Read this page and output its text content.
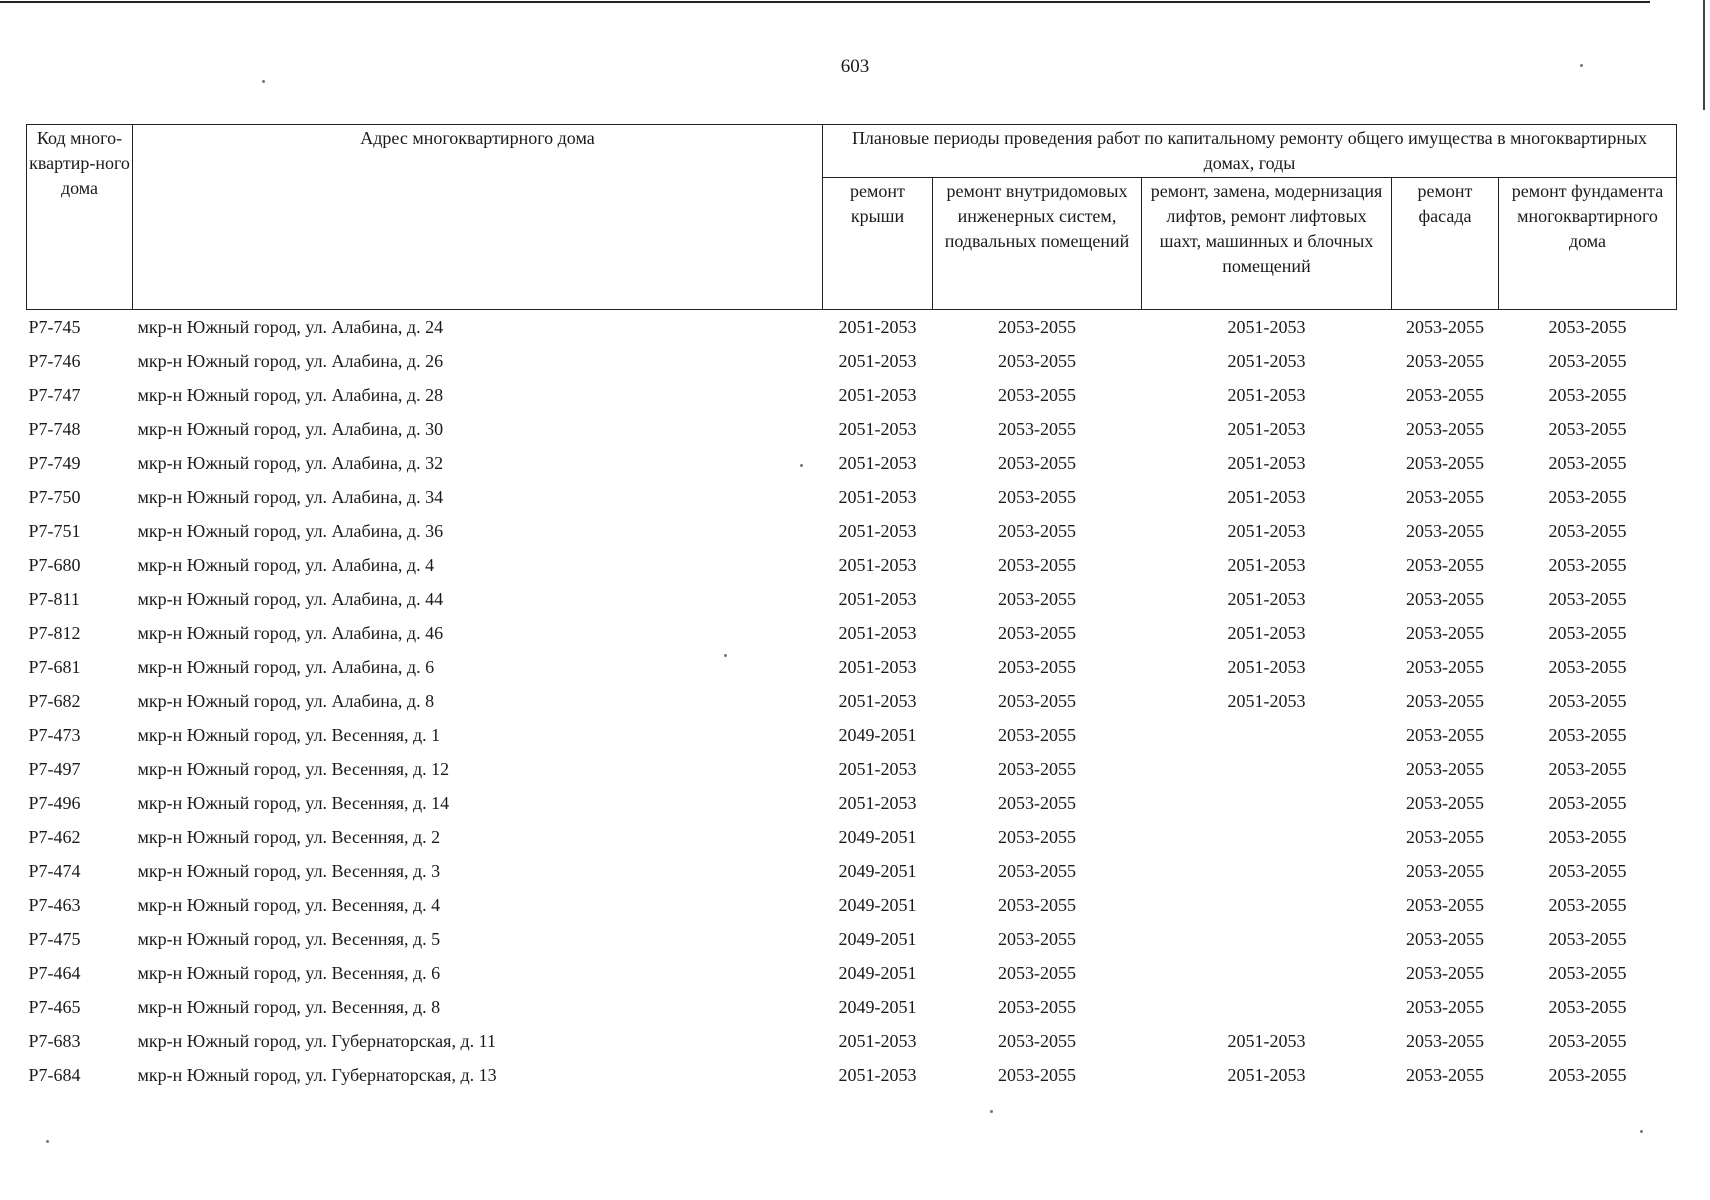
603
Код много-квартир-ного дома	Адрес многоквартирного дома	Плановые периоды проведения работ по капитальному ремонту общего имущества в многоквартирных домах, годы				
		ремонт крыши	ремонт внутридомовых инженерных систем, подвальных помещений	ремонт, замена, модернизация лифтов, ремонт лифтовых шахт, машинных и блочных помещений	ремонт фасада	ремонт фундамента многоквартирного дома
Р7-745	мкр-н Южный город, ул. Алабина, д. 24	2051-2053	2053-2055	2051-2053	2053-2055	2053-2055
Р7-746	мкр-н Южный город, ул. Алабина, д. 26	2051-2053	2053-2055	2051-2053	2053-2055	2053-2055
Р7-747	мкр-н Южный город, ул. Алабина, д. 28	2051-2053	2053-2055	2051-2053	2053-2055	2053-2055
Р7-748	мкр-н Южный город, ул. Алабина, д. 30	2051-2053	2053-2055	2051-2053	2053-2055	2053-2055
Р7-749	мкр-н Южный город, ул. Алабина, д. 32	2051-2053	2053-2055	2051-2053	2053-2055	2053-2055
Р7-750	мкр-н Южный город, ул. Алабина, д. 34	2051-2053	2053-2055	2051-2053	2053-2055	2053-2055
Р7-751	мкр-н Южный город, ул. Алабина, д. 36	2051-2053	2053-2055	2051-2053	2053-2055	2053-2055
Р7-680	мкр-н Южный город, ул. Алабина, д. 4	2051-2053	2053-2055	2051-2053	2053-2055	2053-2055
Р7-811	мкр-н Южный город, ул. Алабина, д. 44	2051-2053	2053-2055	2051-2053	2053-2055	2053-2055
Р7-812	мкр-н Южный город, ул. Алабина, д. 46	2051-2053	2053-2055	2051-2053	2053-2055	2053-2055
Р7-681	мкр-н Южный город, ул. Алабина, д. 6	2051-2053	2053-2055	2051-2053	2053-2055	2053-2055
Р7-682	мкр-н Южный город, ул. Алабина, д. 8	2051-2053	2053-2055	2051-2053	2053-2055	2053-2055
Р7-473	мкр-н Южный город, ул. Весенняя, д. 1	2049-2051	2053-2055		2053-2055	2053-2055
Р7-497	мкр-н Южный город, ул. Весенняя, д. 12	2051-2053	2053-2055		2053-2055	2053-2055
Р7-496	мкр-н Южный город, ул. Весенняя, д. 14	2051-2053	2053-2055		2053-2055	2053-2055
Р7-462	мкр-н Южный город, ул. Весенняя, д. 2	2049-2051	2053-2055		2053-2055	2053-2055
Р7-474	мкр-н Южный город, ул. Весенняя, д. 3	2049-2051	2053-2055		2053-2055	2053-2055
Р7-463	мкр-н Южный город, ул. Весенняя, д. 4	2049-2051	2053-2055		2053-2055	2053-2055
Р7-475	мкр-н Южный город, ул. Весенняя, д. 5	2049-2051	2053-2055		2053-2055	2053-2055
Р7-464	мкр-н Южный город, ул. Весенняя, д. 6	2049-2051	2053-2055		2053-2055	2053-2055
Р7-465	мкр-н Южный город, ул. Весенняя, д. 8	2049-2051	2053-2055		2053-2055	2053-2055
Р7-683	мкр-н Южный город, ул. Губернаторская, д. 11	2051-2053	2053-2055	2051-2053	2053-2055	2053-2055
Р7-684	мкр-н Южный город, ул. Губернаторская, д. 13	2051-2053	2053-2055	2051-2053	2053-2055	2053-2055
